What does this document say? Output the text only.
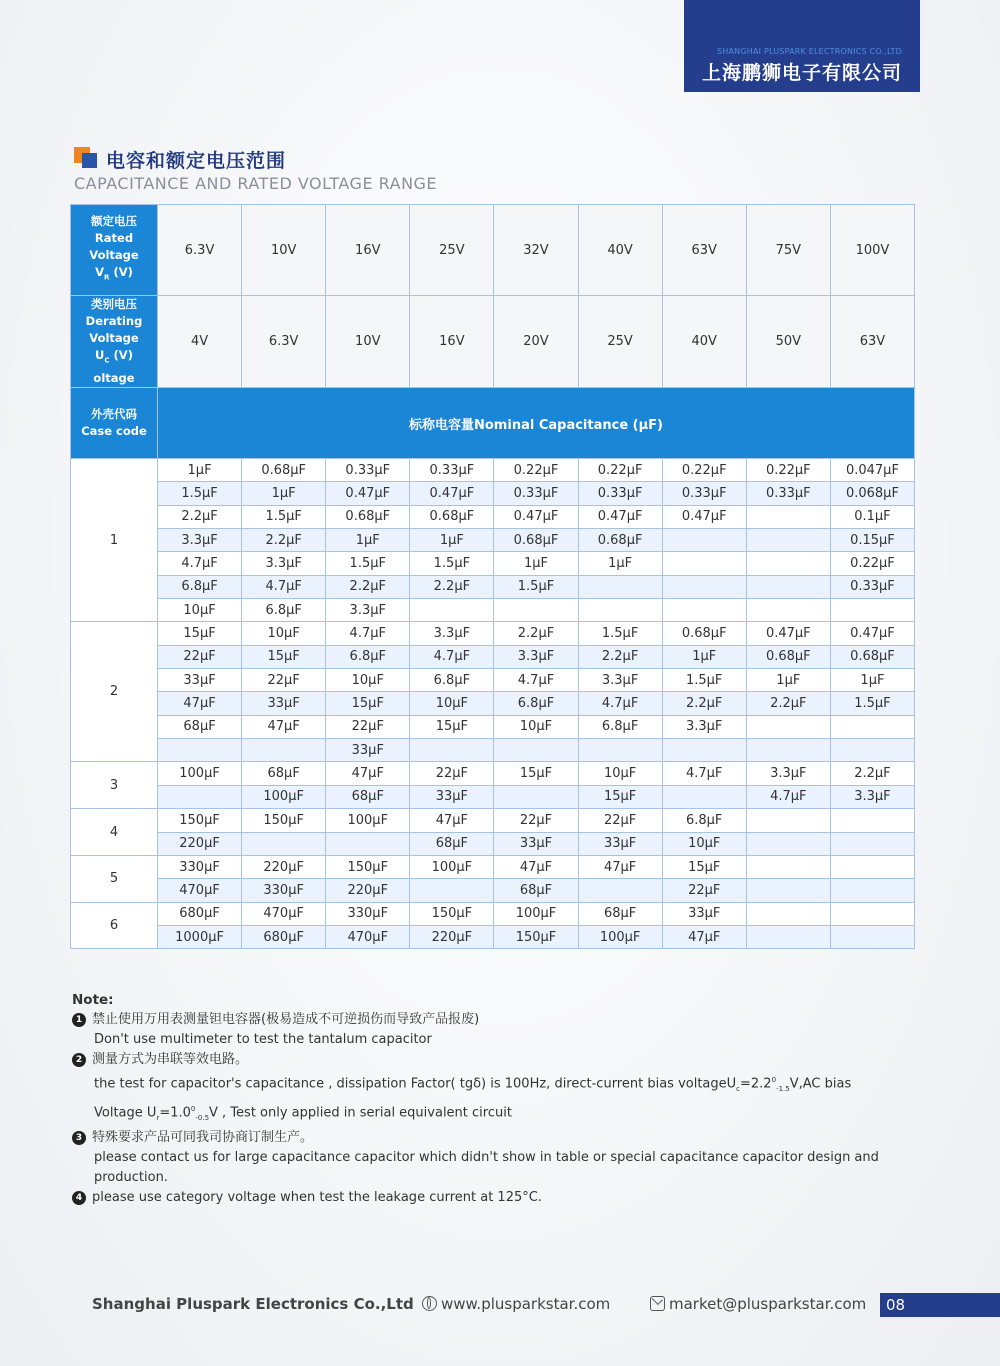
SHANGHAI PLUSPARK ELECTRONICS CO.,LTD
上海鹏狮电子有限公司
电容和额定电压范围
CAPACITANCE AND RATED VOLTAGE RANGE
额定电压
Rated
Voltage
$V_R$ (V)	6.3V	10V	16V	25V	32V	40V	63V	75V	100V
类别电压
Derating
Voltage
$U_C$ (V)
oltage	4V	6.3V	10V	16V	20V	25V	40V	50V	63V
外壳代码
Case code	标称电容量Nominal Capacitance (μF)								
1	1μF	0.68μF	0.33μF	0.33μF	0.22μF	0.22μF	0.22μF	0.22μF	0.047μF
	1.5μF	1μF	0.47μF	0.47μF	0.33μF	0.33μF	0.33μF	0.33μF	0.068μF
	2.2μF	1.5μF	0.68μF	0.68μF	0.47μF	0.47μF	0.47μF		0.1μF
	3.3μF	2.2μF	1μF	1μF	0.68μF	0.68μF			0.15μF
	4.7μF	3.3μF	1.5μF	1.5μF	1μF	1μF			0.22μF
	6.8μF	4.7μF	2.2μF	2.2μF	1.5μF				0.33μF
	10μF	6.8μF	3.3μF						
2	15μF	10μF	4.7μF	3.3μF	2.2μF	1.5μF	0.68μF	0.47μF	0.47μF
	22μF	15μF	6.8μF	4.7μF	3.3μF	2.2μF	1μF	0.68μF	0.68μF
	33μF	22μF	10μF	6.8μF	4.7μF	3.3μF	1.5μF	1μF	1μF
	47μF	33μF	15μF	10μF	6.8μF	4.7μF	2.2μF	2.2μF	1.5μF
	68μF	47μF	22μF	15μF	10μF	6.8μF	3.3μF		
			33μF						
3	100μF	68μF	47μF	22μF	15μF	10μF	4.7μF	3.3μF	2.2μF
		100μF	68μF	33μF		15μF		4.7μF	3.3μF
4	150μF	150μF	100μF	47μF	22μF	22μF	6.8μF		
	220μF			68μF	33μF	33μF	10μF		
5	330μF	220μF	150μF	100μF	47μF	47μF	15μF		
	470μF	330μF	220μF		68μF		22μF		
6	680μF	470μF	330μF	150μF	100μF	68μF	33μF		
	1000μF	680μF	470μF	220μF	150μF	100μF	47μF		
Note:
1 禁止使用万用表测量钽电容器(极易造成不可逆损伤而导致产品报废)
Don't use multimeter to test the tantalum capacitor
2 测量方式为串联等效电路。
the test for capacitor's capacitance , dissipation Factor( tgδ) is 100Hz, direct-current bias $voltageU_c=2.2^0_{-1.5}V,AC$ bias
Voltage $U_r=1.0^0_{-0.5}V$ , Test only applied in serial equivalent circuit
3 特殊要求产品可同我司协商订制生产。
please contact us for large capacitance capacitor which didn't show in table or special capacitance capacitor design and
production.
4 please use category voltage when test the leakage current at 125°C.
Shanghai Pluspark Electronics Co.,Ltd	www.plusparkstar.com	market@plusparkstar.com 08
